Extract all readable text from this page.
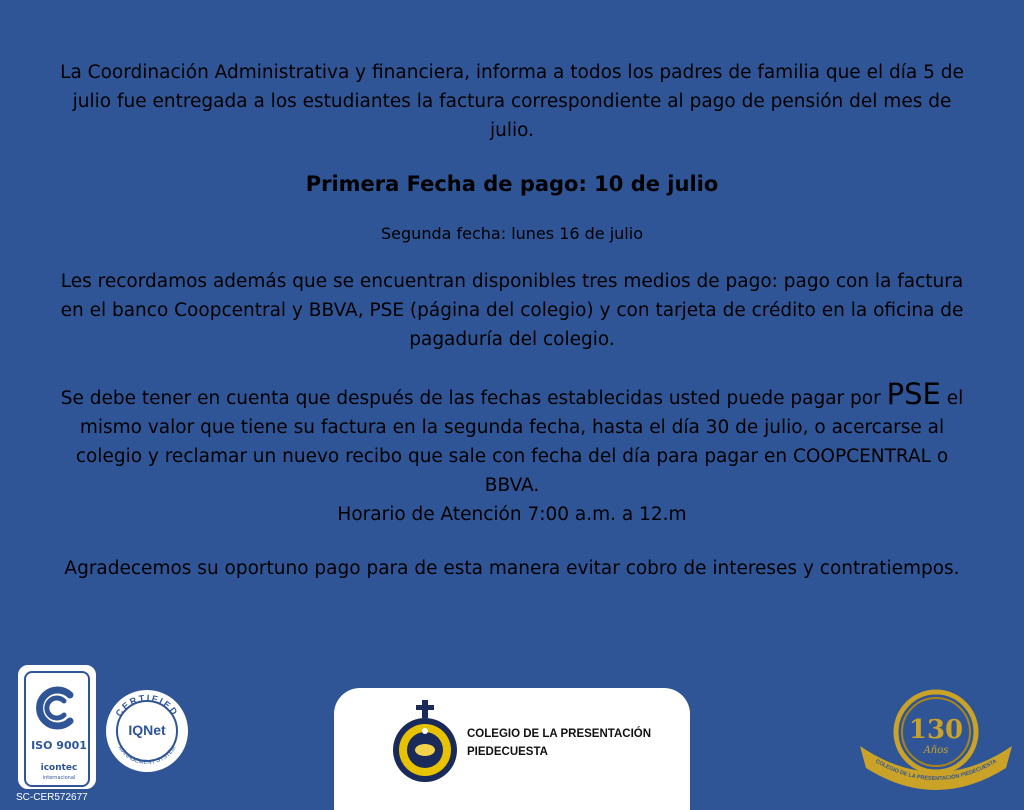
La Coordinación Administrativa y financiera, informa a todos los padres de familia que el día 5 de julio fue entregada a los estudiantes la factura correspondiente al pago de pensión del mes de julio.

Primera Fecha de pago: 10 de julio

Segunda fecha: lunes 16 de julio

Les recordamos además que se encuentran disponibles tres medios de pago: pago con la factura en el banco Coopcentral y BBVA, PSE (página del colegio) y con tarjeta de crédito en la oficina de pagaduría del colegio.

Se debe tener en cuenta que después de las fechas establecidas usted puede pagar por PSE el mismo valor que tiene su factura en la segunda fecha, hasta el día 30 de julio, o acercarse al colegio y reclamar un nuevo recibo que sale con fecha del día para pagar en COOPCENTRAL o BBVA.

Horario de Atención 7:00 a.m. a 12.m

Agradecemos su oportuno pago para de esta manera evitar cobro de intereses y contratiempos.

ISO 9001
icontec
internacional
SC-CER572677
CERTIFIED
MANAGEMENT SYSTEM
IQNet	COLEGIO DE LA PRESENTACIÓN
PIEDECUESTA
130
Años
COLEGIO DE LA PRESENTACIÓN PIEDECUESTA
